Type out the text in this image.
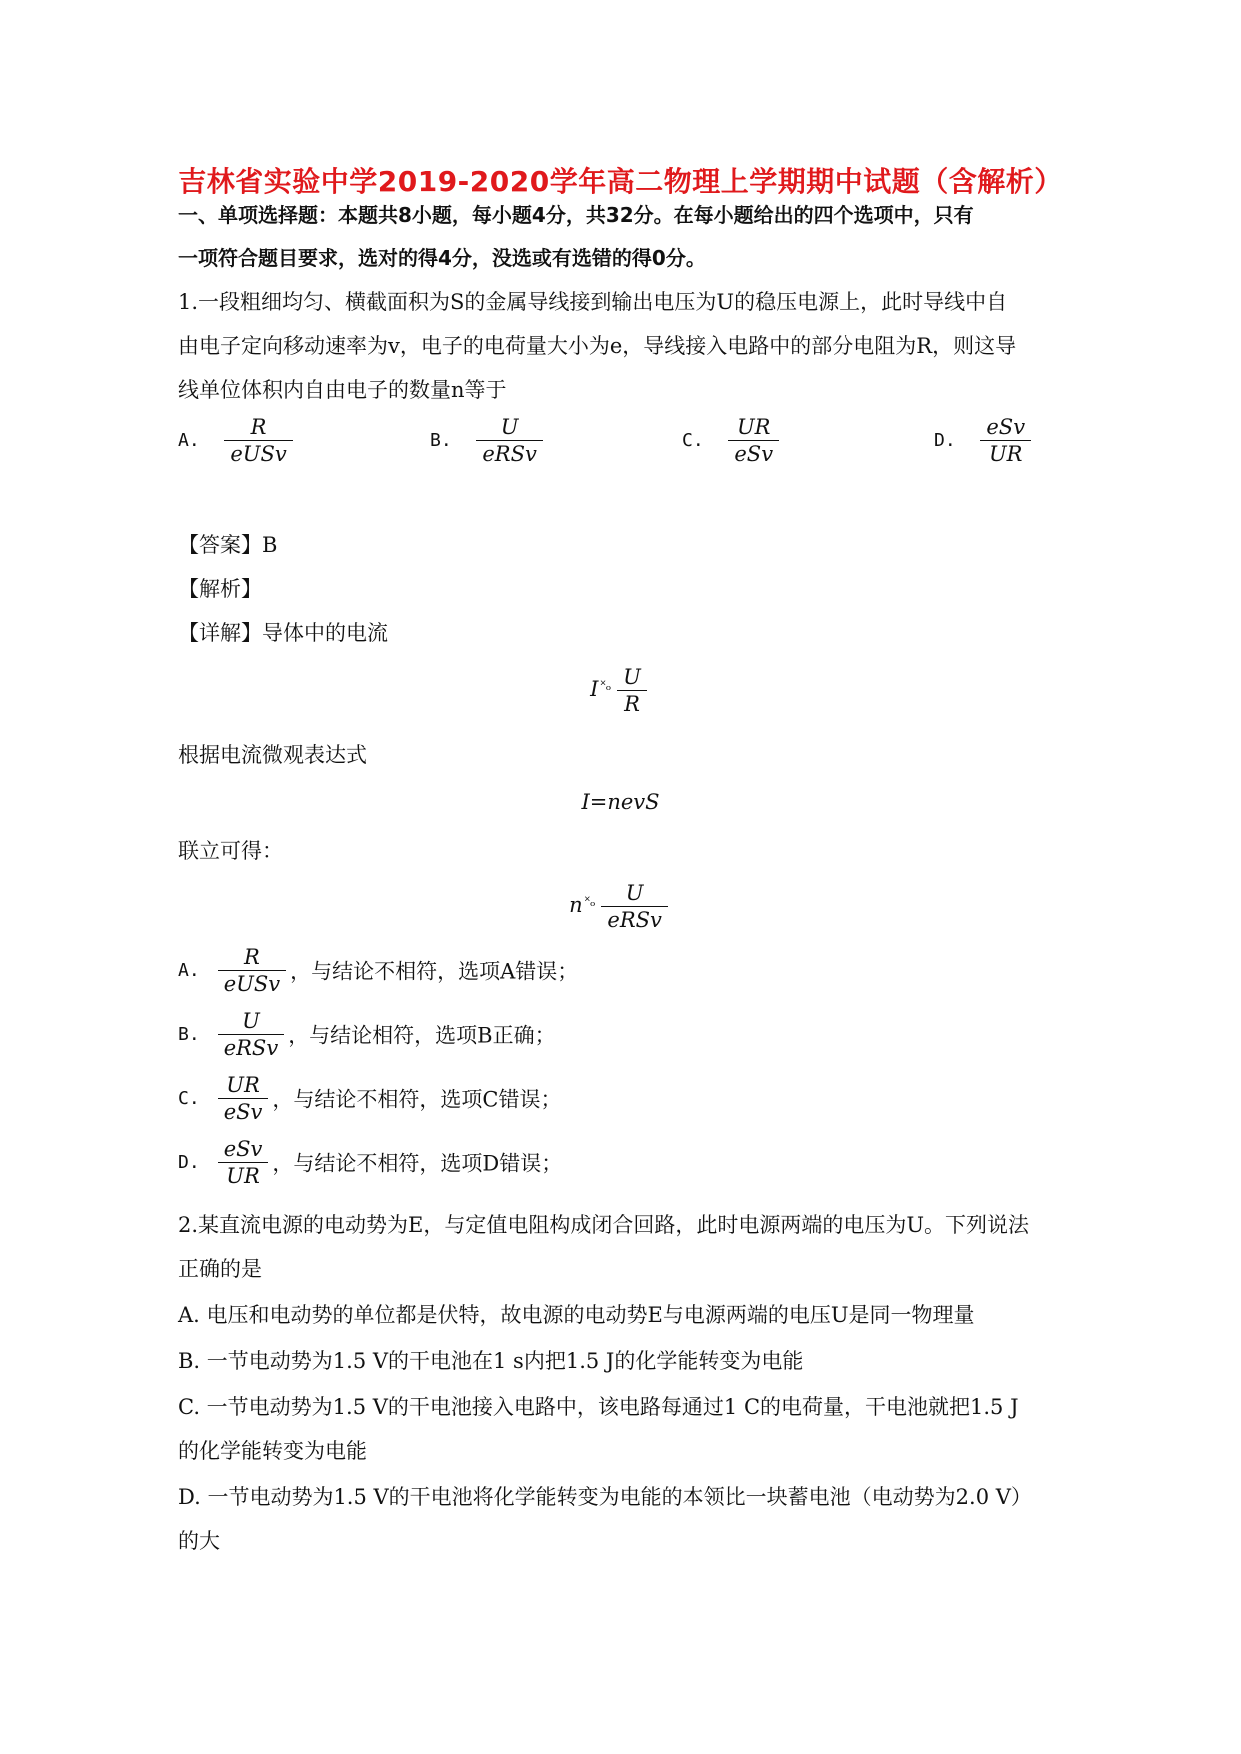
吉林省实验中学2019-2020学年高二物理上学期期中试题（含解析）
一、单项选择题：本题共8小题，每小题4分，共32分。在每小题给出的四个选项中，只有
一项符合题目要求，选对的得4分，没选或有选错的得0分。
1.一段粗细均匀、横截面积为S的金属导线接到输出电压为U的稳压电源上，此时导线中自
由电子定向移动速率为v，电子的电荷量大小为e，导线接入电路中的部分电阻为R，则这导
线单位体积内自由电子的数量n等于
A. $\frac{R}{\text{eUSv}}$	B. $\frac{U}{\text{eRSv}}$	C. $\frac{UR}{\text{eSv}}$	D. $\frac{\text{eSv}}{UR}$
【答案】B
【解析】
【详解】导体中的电流
I $^{˟_o} \frac{U}{R}$
根据电流微观表达式
I=nevS
联立可得：
n $^{˟_o} \frac{U}{\text{eRSv}}$
A. $\frac{R}{\text{eUSv}}$ ，与结论不相符，选项A错误；
B. $\frac{U}{\text{eRSv}}$ ，与结论相符，选项B正确；
C. $\frac{UR}{\text{eSv}}$ ，与结论不相符，选项C错误；
D. $\frac{\text{eSv}}{UR}$ ，与结论不相符，选项D错误；
2.某直流电源的电动势为E，与定值电阻构成闭合回路，此时电源两端的电压为U。下列说法
正确的是
A. 电压和电动势的单位都是伏特，故电源的电动势E与电源两端的电压U是同一物理量
B. 一节电动势为1.5 V的干电池在1 s内把1.5 J的化学能转变为电能
C. 一节电动势为1.5 V的干电池接入电路中，该电路每通过1 C的电荷量，干电池就把1.5 J
的化学能转变为电能
D. 一节电动势为1.5 V的干电池将化学能转变为电能的本领比一块蓄电池（电动势为2.0 V）
的大
